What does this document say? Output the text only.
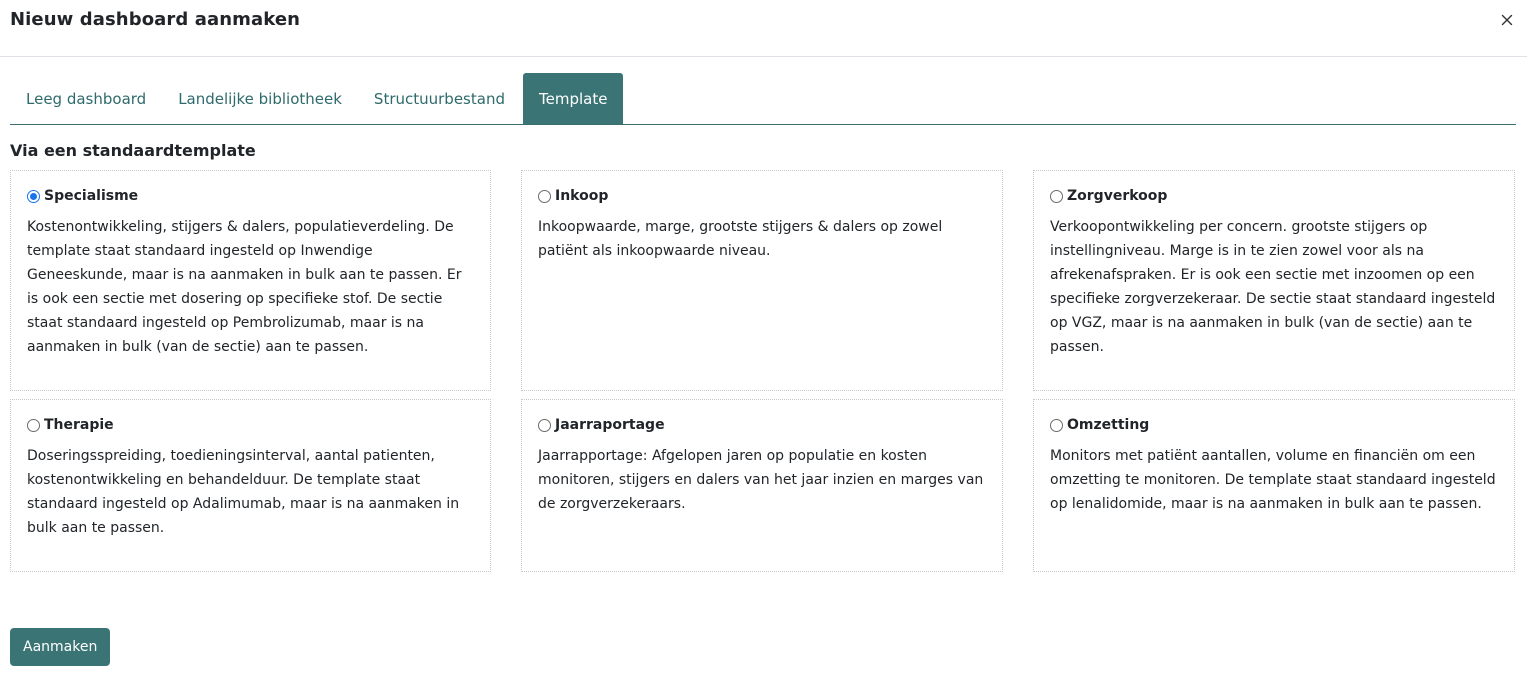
Nieuw dashboard aanmaken
Leeg dashboard	Landelijke bibliotheek	Structuurbestand	Template
Via een standaardtemplate
Specialisme

Kostenontwikkeling, stijgers & dalers, populatieverdeling. De template staat standaard ingesteld op Inwendige Geneeskunde, maar is na aanmaken in bulk aan te passen. Er is ook een sectie met dosering op specifieke stof. De sectie staat standaard ingesteld op Pembrolizumab, maar is na aanmaken in bulk (van de sectie) aan te passen.

Inkoop

Inkoopwaarde, marge, grootste stijgers & dalers op zowel patiënt als inkoopwaarde niveau.

Zorgverkoop

Verkoopontwikkeling per concern. grootste stijgers op instellingniveau. Marge is in te zien zowel voor als na afrekenafspraken. Er is ook een sectie met inzoomen op een specifieke zorgverzekeraar. De sectie staat standaard ingesteld op VGZ, maar is na aanmaken in bulk (van de sectie) aan te passen.

Therapie

Doseringsspreiding, toedieningsinterval, aantal patienten, kostenontwikkeling en behandelduur. De template staat standaard ingesteld op Adalimumab, maar is na aanmaken in bulk aan te passen.

Jaarraportage

Jaarrapportage: Afgelopen jaren op populatie en kosten monitoren, stijgers en dalers van het jaar inzien en marges van de zorgverzekeraars.

Omzetting

Monitors met patiënt aantallen, volume en financiën om een omzetting te monitoren. De template staat standaard ingesteld op lenalidomide, maar is na aanmaken in bulk aan te passen.

Aanmaken
